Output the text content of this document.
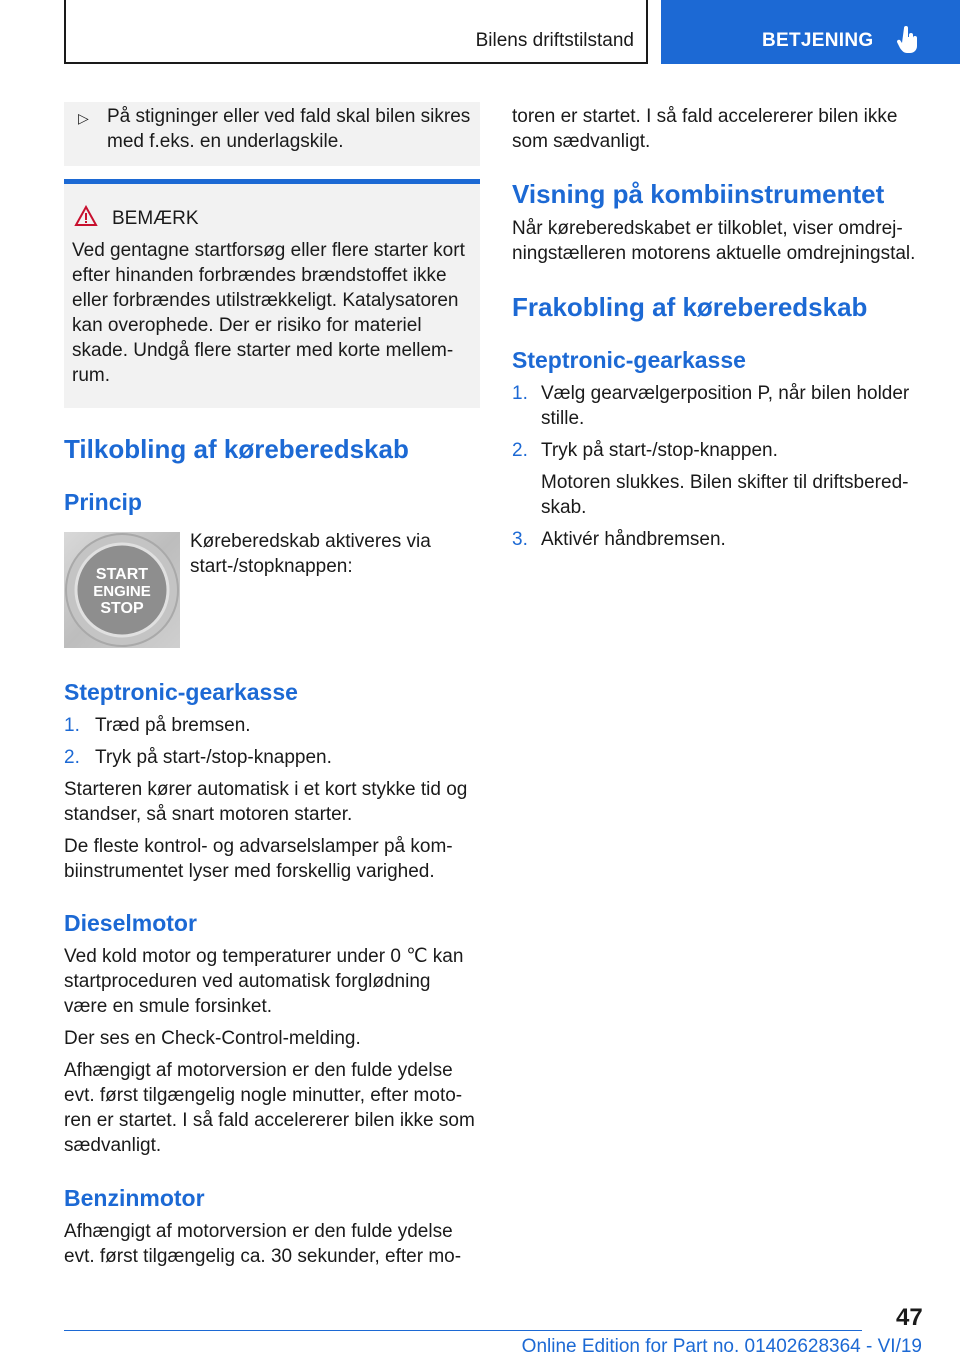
Bilens driftstilstand	BETJENING
▷ På stigninger eller ved fald skal bilen sikres
med f.eks. en underlagskile.
BEMÆRK
Ved gentagne startforsøg eller flere starter kort
efter hinanden forbrændes brændstoffet ikke
eller forbrændes utilstrækkeligt. Katalysatoren
kan overophede. Der er risiko for materiel
skade. Undgå flere starter med korte mellem-
rum.
Tilkobling af køreberedskab
Princip
START
ENGINE
STOP
Køreberedskab aktiveres via
start-/stopknappen:
Steptronic-gearkasse
1. Træd på bremsen.
2. Tryk på start-/stop-knappen.
Starteren kører automatisk i et kort stykke tid og
standser, så snart motoren starter.
De fleste kontrol- og advarselslamper på kom-
biinstrumentet lyser med forskellig varighed.
Dieselmotor
Ved kold motor og temperaturer under 0 ℃ kan
startproceduren ved automatisk forglødning
være en smule forsinket.
Der ses en Check-Control-melding.
Afhængigt af motorversion er den fulde ydelse
evt. først tilgængelig nogle minutter, efter moto-
ren er startet. I så fald accelererer bilen ikke som
sædvanligt.
Benzinmotor
Afhængigt af motorversion er den fulde ydelse
evt. først tilgængelig ca. 30 sekunder, efter mo-
toren er startet. I så fald accelererer bilen ikke
som sædvanligt.
Visning på kombiinstrumentet
Når køreberedskabet er tilkoblet, viser omdrej-
ningstælleren motorens aktuelle omdrejningstal.
Frakobling af køreberedskab
Steptronic-gearkasse
1. Vælg gearvælgerposition P, når bilen holder
stille.
2. Tryk på start-/stop-knappen.
Motoren slukkes. Bilen skifter til driftsbered-
skab.
3. Aktivér håndbremsen.
47
Online Edition for Part no. 01402628364 - VI/19
